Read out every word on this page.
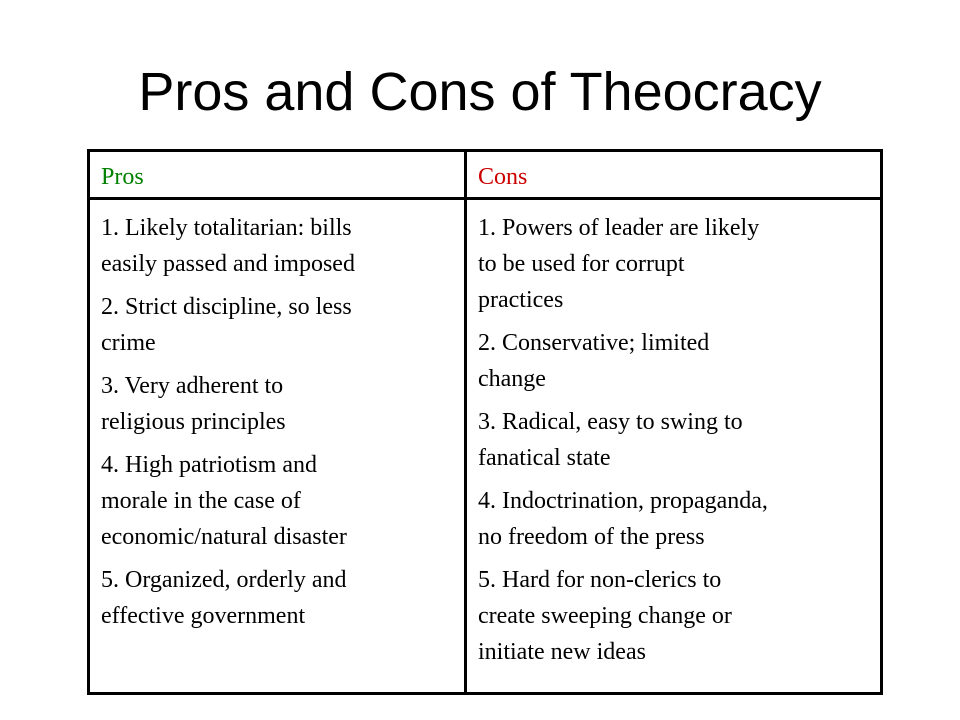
Pros and Cons of Theocracy
Pros	Cons

1. Likely totalitarian: bills
easily passed and imposed

2. Strict discipline, so less
crime

3. Very adherent to
religious principles

4. High patriotism and
morale in the case of
economic/natural disaster

5. Organized, orderly and
effective government

1. Powers of leader are likely
to be used for corrupt
practices

2. Conservative; limited
change

3. Radical, easy to swing to
fanatical state

4. Indoctrination, propaganda,
no freedom of the press

5. Hard for non-clerics to
create sweeping change or
initiate new ideas
